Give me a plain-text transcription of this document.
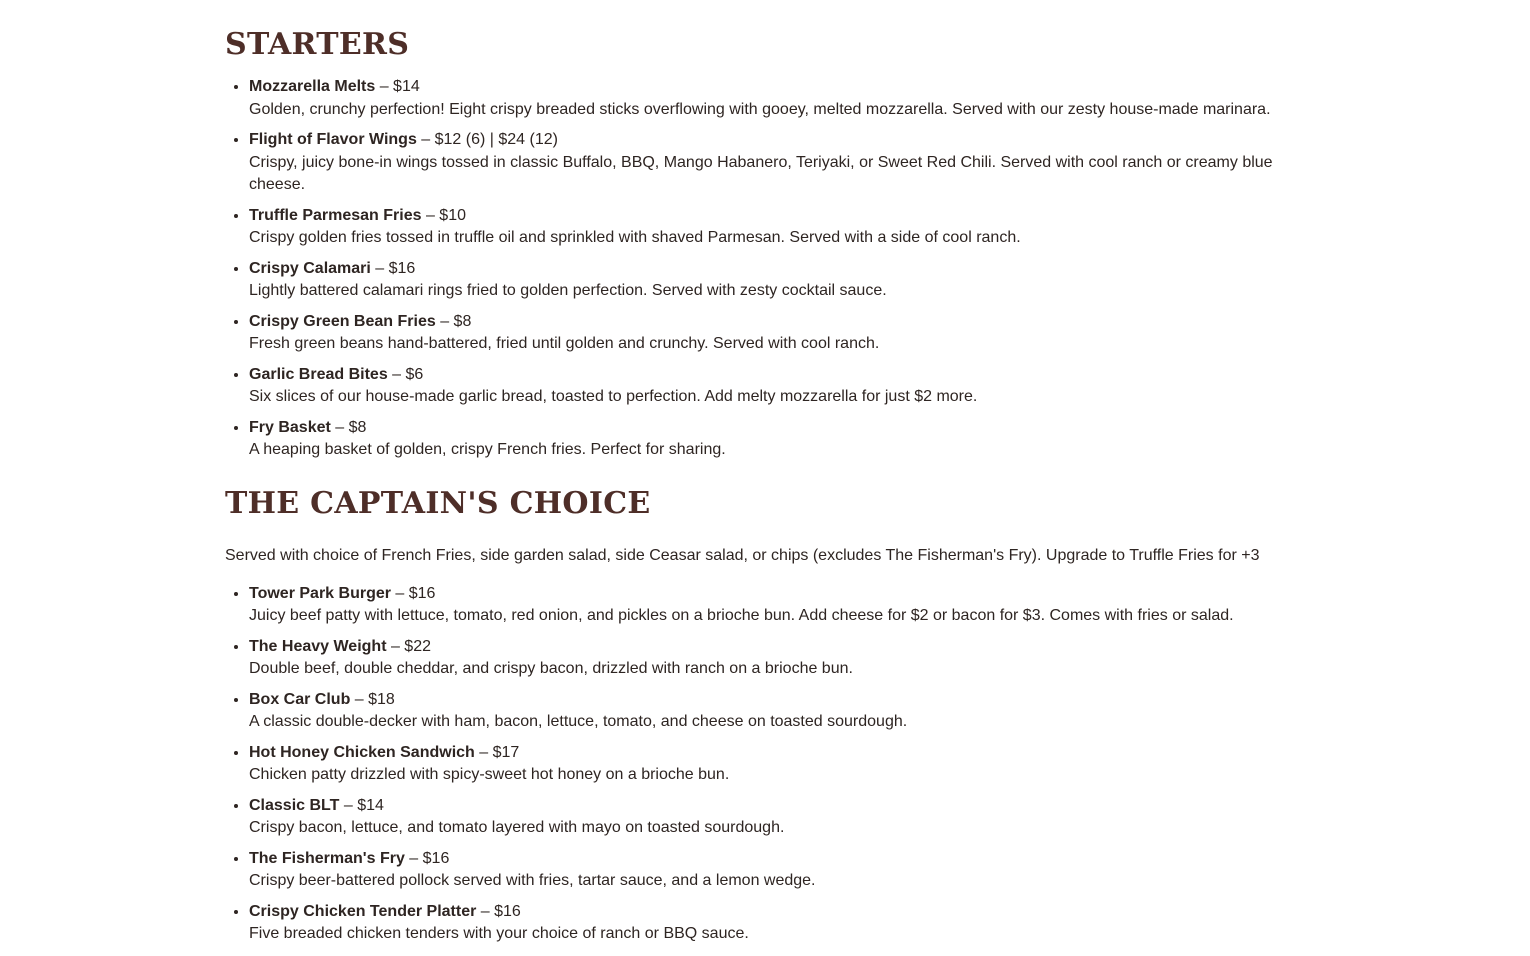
STARTERS
• Mozzarella Melts – $14
Golden, crunchy perfection! Eight crispy breaded sticks overflowing with gooey, melted mozzarella. Served with our zesty house-made marinara.
• Flight of Flavor Wings – $12 (6) | $24 (12)
Crispy, juicy bone-in wings tossed in classic Buffalo, BBQ, Mango Habanero, Teriyaki, or Sweet Red Chili. Served with cool ranch or creamy blue cheese.
• Truffle Parmesan Fries – $10
Crispy golden fries tossed in truffle oil and sprinkled with shaved Parmesan. Served with a side of cool ranch.
• Crispy Calamari – $16
Lightly battered calamari rings fried to golden perfection. Served with zesty cocktail sauce.
• Crispy Green Bean Fries – $8
Fresh green beans hand-battered, fried until golden and crunchy. Served with cool ranch.
• Garlic Bread Bites – $6
Six slices of our house-made garlic bread, toasted to perfection. Add melty mozzarella for just $2 more.
• Fry Basket – $8
A heaping basket of golden, crispy French fries. Perfect for sharing.
THE CAPTAIN'S CHOICE

Served with choice of French Fries, side garden salad, side Ceasar salad, or chips (excludes The Fisherman's Fry). Upgrade to Truffle Fries for +3

• Tower Park Burger – $16
Juicy beef patty with lettuce, tomato, red onion, and pickles on a brioche bun. Add cheese for $2 or bacon for $3. Comes with fries or salad.
• The Heavy Weight – $22
Double beef, double cheddar, and crispy bacon, drizzled with ranch on a brioche bun.
• Box Car Club – $18
A classic double-decker with ham, bacon, lettuce, tomato, and cheese on toasted sourdough.
• Hot Honey Chicken Sandwich – $17
Chicken patty drizzled with spicy-sweet hot honey on a brioche bun.
• Classic BLT – $14
Crispy bacon, lettuce, and tomato layered with mayo on toasted sourdough.
• The Fisherman's Fry – $16
Crispy beer-battered pollock served with fries, tartar sauce, and a lemon wedge.
• Crispy Chicken Tender Platter – $16
Five breaded chicken tenders with your choice of ranch or BBQ sauce.
